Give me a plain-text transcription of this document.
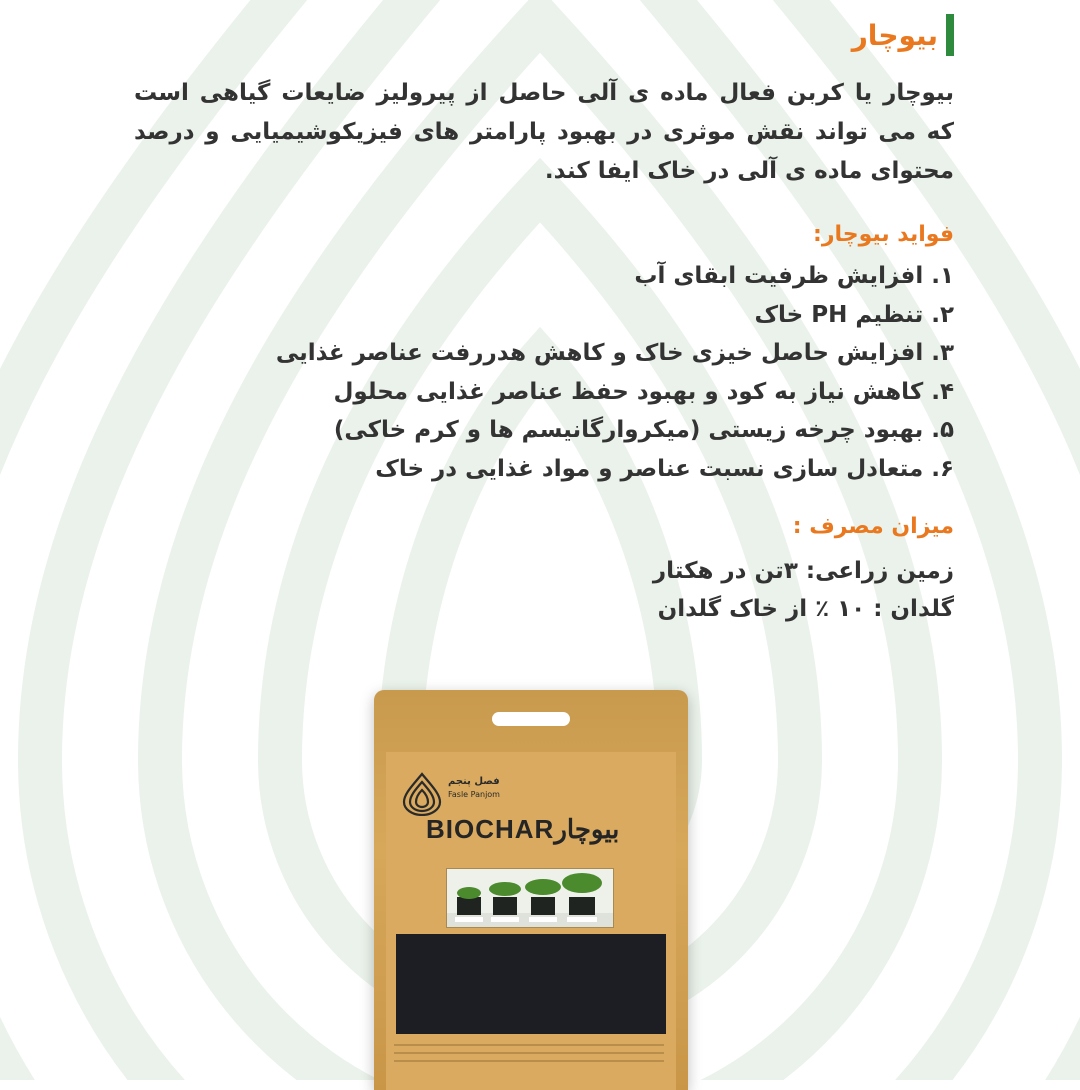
بیوچار

بیوچار یا کربن فعال ماده ی آلی حاصل از پیرولیز ضایعات گیاهی است که می تواند نقش موثری در بهبود پارامتر های فیزیکوشیمیایی و درصد محتوای ماده ی آلی در خاک ایفا کند.

فواید بیوچار:
۱. افزایش ظرفیت ابقای آب
۲. تنظیم PH خاک
۳. افزایش حاصل خیزی خاک و کاهش هدررفت عناصر غذایی
۴. کاهش نیاز به کود و بهبود حفظ عناصر غذایی محلول
۵. بهبود چرخه زیستی (میکروارگانیسم ها و کرم خاکی)
۶. متعادل سازی نسبت عناصر و مواد غذایی در خاک
میزان مصرف :
زمین زراعی: ۳تن در هکتار
گلدان : ۱۰ ٪ از خاک گلدان
فصل پنجم
Fasle Panjom
BIOCHARبیوچار
